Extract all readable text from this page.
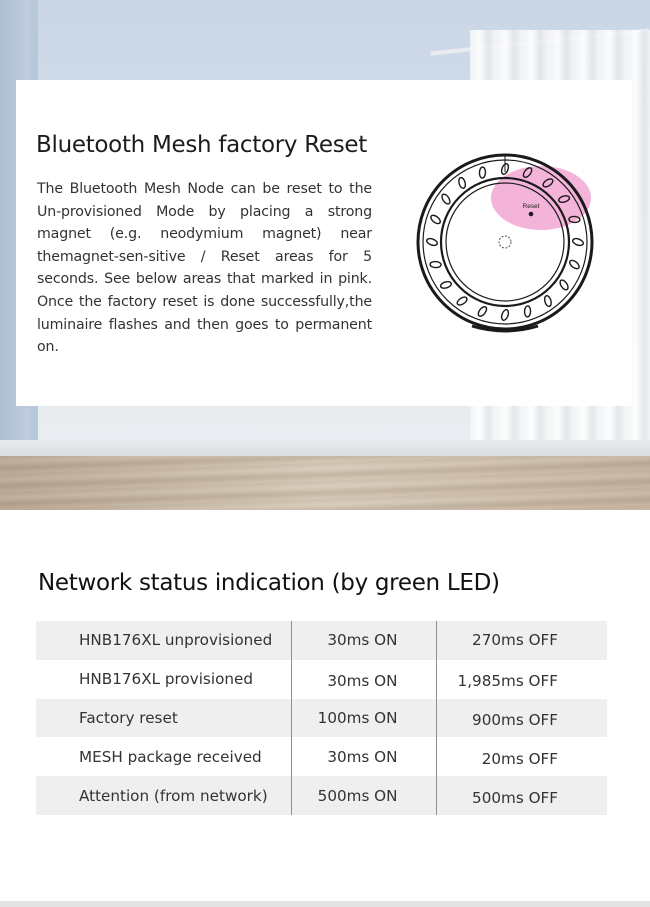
Bluetooth Mesh factory Reset

The Bluetooth Mesh Node can be reset to the Un-provisioned Mode by placing a strong magnet (e.g. neodymium magnet) near themagnet-sen-sitive / Reset areas for 5 seconds. See below areas that marked in pink. Once the factory reset is done successfully,the luminaire flashes and then goes to permanent on.

Reset
Network status indication (by green LED)
HNB176XL unprovisioned	30ms ON	270ms OFF
HNB176XL provisioned	30ms ON	1,985ms OFF
Factory reset	100ms ON	900ms OFF
MESH package received	30ms ON	20ms OFF
Attention (from network)	500ms ON	500ms OFF
